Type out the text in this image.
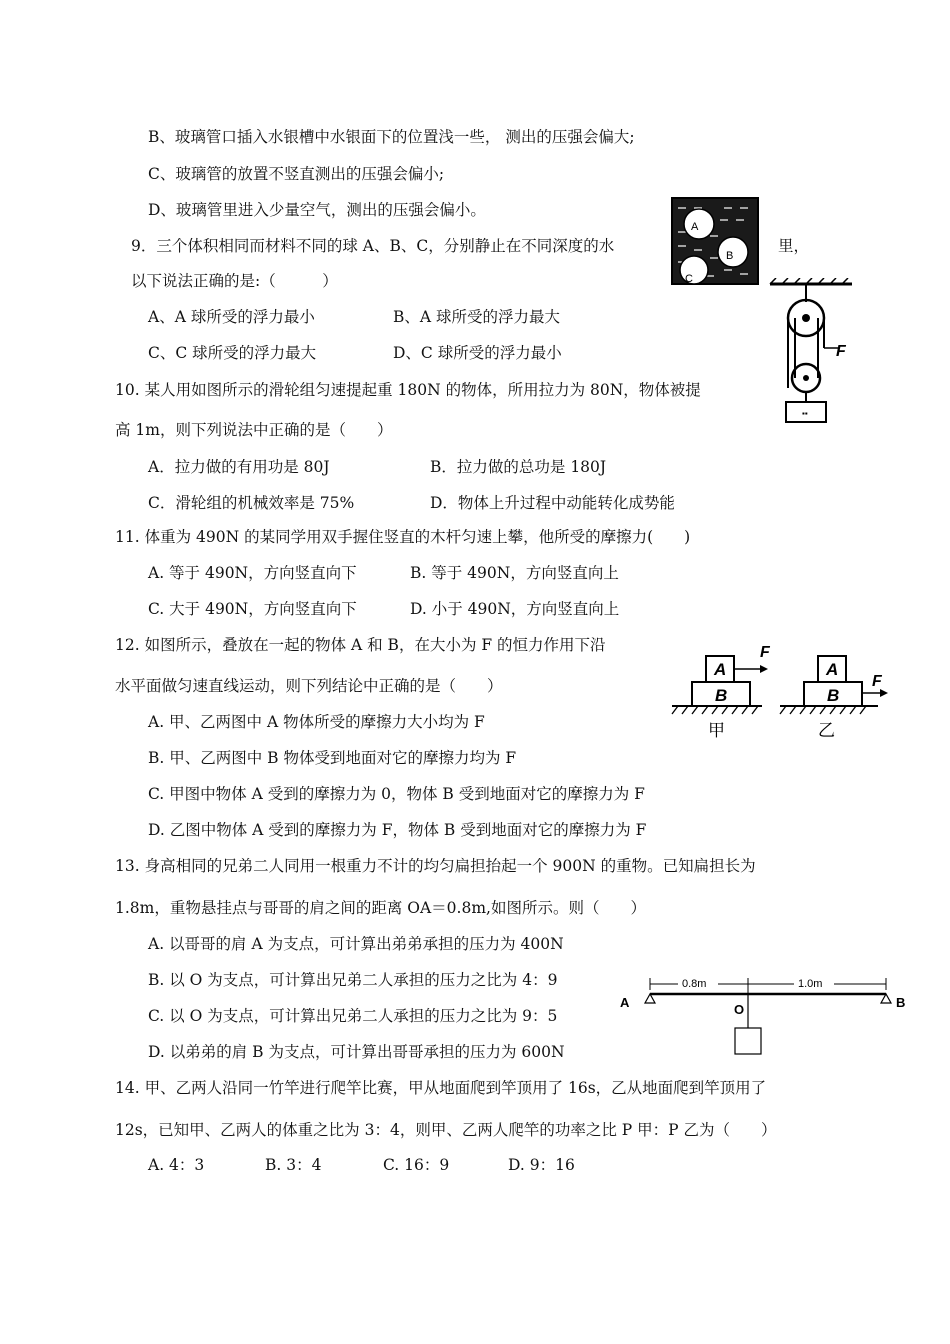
B、玻璃管口插入水银槽中水银面下的位置浅一些， 测出的压强会偏大;
C、玻璃管的放置不竖直测出的压强会偏小;
D、玻璃管里进入少量空气，测出的压强会偏小。
9．三个体积相同而材料不同的球 A、B、C，分别静止在不同深度的水	里，
以下说法正确的是:（　　　）
A、A 球所受的浮力最小	B、A 球所受的浮力最大
C、C 球所受的浮力最大	D、C 球所受的浮力最小
A
B
C
10. 某人用如图所示的滑轮组匀速提起重 180N 的物体，所用拉力为 80N，物体被提
高 1m，则下列说法中正确的是（　　）
A．拉力做的有用功是 80J	B．拉力做的总功是 180J
C．滑轮组的机械效率是 75%	D．物体上升过程中动能转化成势能
▪▪
F
11. 体重为 490N 的某同学用双手握住竖直的木杆匀速上攀，他所受的摩擦力(　　)
A. 等于 490N，方向竖直向下	B. 等于 490N，方向竖直向上
C. 大于 490N，方向竖直向下	D. 小于 490N，方向竖直向上
12. 如图所示，叠放在一起的物体 A 和 B，在大小为 F 的恒力作用下沿
水平面做匀速直线运动，则下列结论中正确的是（　　）
A. 甲、乙两图中 A 物体所受的摩擦力大小均为 F
B. 甲、乙两图中 B 物体受到地面对它的摩擦力均为 F
C. 甲图中物体 A 受到的摩擦力为 0，物体 B 受到地面对它的摩擦力为 F
D. 乙图中物体 A 受到的摩擦力为 F，物体 B 受到地面对它的摩擦力为 F
A
B
F
甲
A
B
F
乙
13. 身高相同的兄弟二人同用一根重力不计的均匀扁担抬起一个 900N 的重物。已知扁担长为
1.8m，重物悬挂点与哥哥的肩之间的距离 OA＝0.8m,如图所示。则（　　）
A. 以哥哥的肩 A 为支点，可计算出弟弟承担的压力为 400N
B. 以 O 为支点，可计算出兄弟二人承担的压力之比为 4：9
C. 以 O 为支点，可计算出兄弟二人承担的压力之比为 9：5
D. 以弟弟的肩 B 为支点，可计算出哥哥承担的压力为 600N
A	B
0.8m	1.0m
O
14. 甲、乙两人沿同一竹竿进行爬竿比赛，甲从地面爬到竿顶用了 16s，乙从地面爬到竿顶用了
12s，已知甲、乙两人的体重之比为 3：4，则甲、乙两人爬竿的功率之比 P 甲：P 乙为（　　）
A. 4：3	B. 3：4	C. 16：9	D. 9：16
